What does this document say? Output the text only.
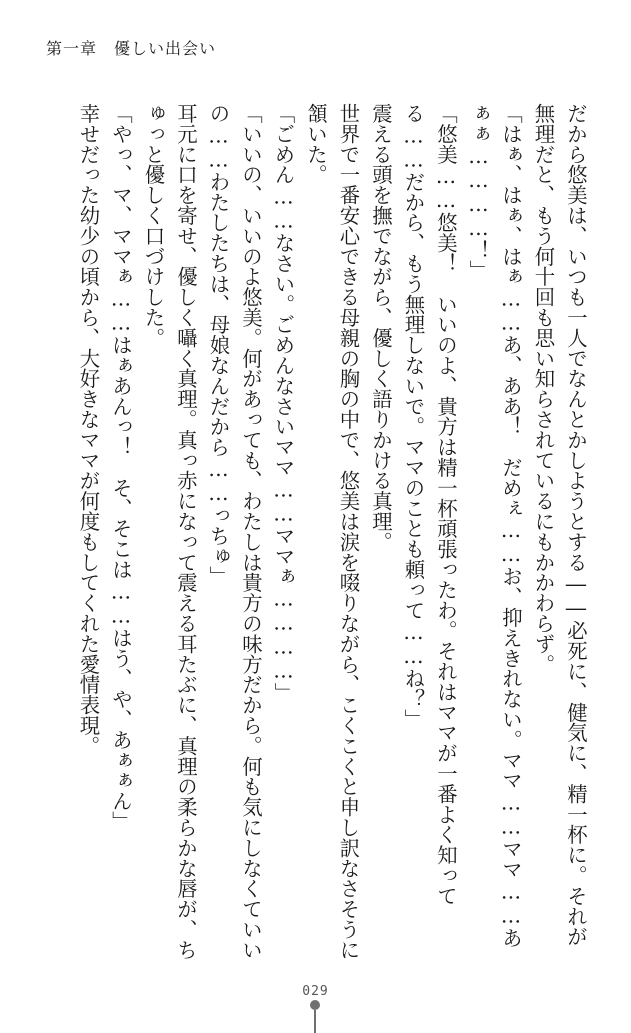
第一章　優しい出会い

だから悠美は、いつも一人でなんとかしようとする――必死に、健気に、精一杯に。それが無理だと、もう何十回も思い知らされているにもかかわらず。

「はぁ、はぁ、はぁ……あ、ああ！　だめぇ……お、抑えきれない。ママ……ママ……あぁぁ…………！」

「悠美……悠美！　いいのよ、貴方は精一杯頑張ったわ。それはママが一番よく知ってる……だから、もう無理しないで。ママのことも頼って……ね？」

震える頭を撫でながら、優しく語りかける真理。

世界で一番安心できる母親の胸の中で、悠美は涙を啜りながら、こくこくと申し訳なさそうに頷いた。

「ごめん……なさい。ごめんなさいママ……ママぁ…………」

「いいの、いいのよ悠美。何があっても、わたしは貴方の味方だから。何も気にしなくていいの……わたしたちは、母娘なんだから……っちゅ」

耳元に口を寄せ、優しく囁く真理。真っ赤になって震える耳たぶに、真理の柔らかな唇が、ちゅっと優しく口づけした。

「やっ、マ、ママぁ……はぁあんっ！　そ、そこは……はう、や、あぁぁん」

幸せだった幼少の頃から、大好きなママが何度もしてくれた愛情表現。

029
